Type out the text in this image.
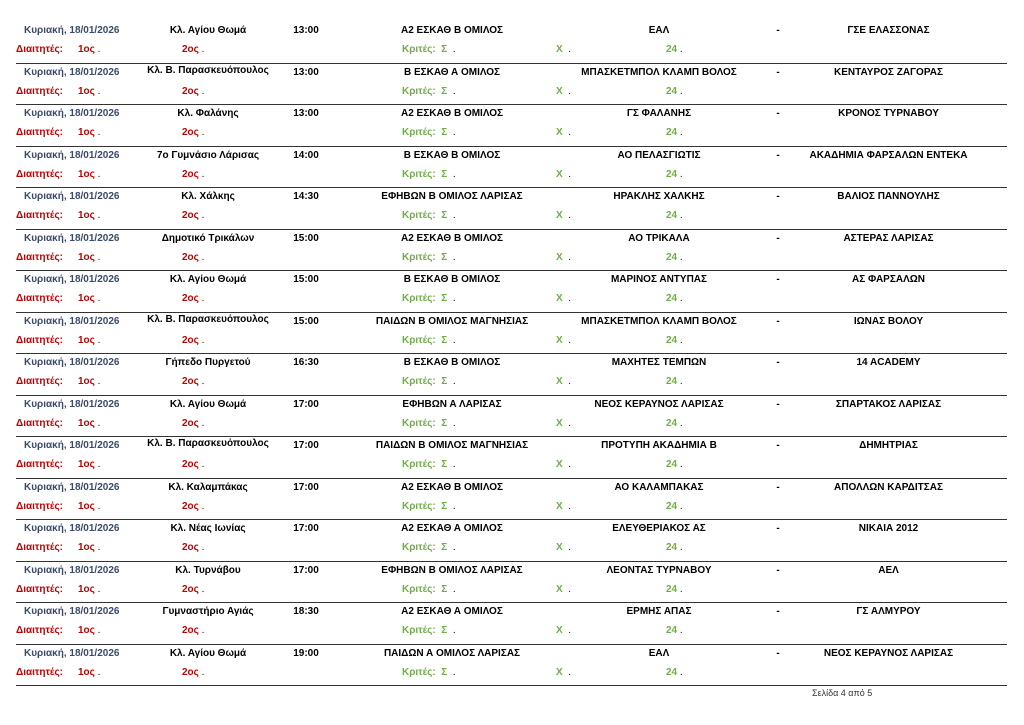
Κυριακή, 18/01/2026	Κλ. Αγίου Θωμά	13:00	Α2 ΕΣΚΑΘ Β ΟΜΙΛΟΣ	ΕΑΛ	-	ΓΣΕ ΕΛΑΣΣΟΝΑΣ
Διαιτητές: 1ος .	2ος .	Κριτές: Σ .	Χ .	24 .
Κυριακή, 18/01/2026	Κλ. Β. Παρασκευόπουλος	13:00	Β ΕΣΚΑΘ Α ΟΜΙΛΟΣ	ΜΠΑΣΚΕΤΜΠΟΛ ΚΛΑΜΠ ΒΟΛΟΣ	-	ΚΕΝΤΑΥΡΟΣ ΖΑΓΟΡΑΣ
Διαιτητές: 1ος .	2ος .	Κριτές: Σ .	Χ .	24 .
Κυριακή, 18/01/2026	Κλ. Φαλάνης	13:00	Α2 ΕΣΚΑΘ Β ΟΜΙΛΟΣ	ΓΣ ΦΑΛΑΝΗΣ	-	ΚΡΟΝΟΣ ΤΥΡΝΑΒΟΥ
Διαιτητές: 1ος .	2ος .	Κριτές: Σ .	Χ .	24 .
Κυριακή, 18/01/2026	7ο Γυμνάσιο Λάρισας	14:00	Β ΕΣΚΑΘ Β ΟΜΙΛΟΣ	ΑΟ ΠΕΛΑΣΓΙΩΤΙΣ	-	ΑΚΑΔΗΜΙΑ ΦΑΡΣΑΛΩΝ ΕΝΤΕΚΑ
Διαιτητές: 1ος .	2ος .	Κριτές: Σ .	Χ .	24 .
Κυριακή, 18/01/2026	Κλ. Χάλκης	14:30	ΕΦΗΒΩΝ Β ΟΜΙΛΟΣ ΛΑΡΙΣΑΣ	ΗΡΑΚΛΗΣ ΧΑΛΚΗΣ	-	ΒΑΛΙΟΣ ΠΑΝΝΟΥΛΗΣ
Διαιτητές: 1ος .	2ος .	Κριτές: Σ .	Χ .	24 .
Κυριακή, 18/01/2026	Δημοτικό Τρικάλων	15:00	Α2 ΕΣΚΑΘ Β ΟΜΙΛΟΣ	ΑΟ ΤΡΙΚΑΛΑ	-	ΑΣΤΕΡΑΣ ΛΑΡΙΣΑΣ
Διαιτητές: 1ος .	2ος .	Κριτές: Σ .	Χ .	24 .
Κυριακή, 18/01/2026	Κλ. Αγίου Θωμά	15:00	Β ΕΣΚΑΘ Β ΟΜΙΛΟΣ	ΜΑΡΙΝΟΣ ΑΝΤΥΠΑΣ	-	ΑΣ ΦΑΡΣΑΛΩΝ
Διαιτητές: 1ος .	2ος .	Κριτές: Σ .	Χ .	24 .
Κυριακή, 18/01/2026	Κλ. Β. Παρασκευόπουλος	15:00	ΠΑΙΔΩΝ Β ΟΜΙΛΟΣ ΜΑΓΝΗΣΙΑΣ	ΜΠΑΣΚΕΤΜΠΟΛ ΚΛΑΜΠ ΒΟΛΟΣ	-	ΙΩΝΑΣ ΒΟΛΟΥ
Διαιτητές: 1ος .	2ος .	Κριτές: Σ .	Χ .	24 .
Κυριακή, 18/01/2026	Γήπεδο Πυργετού	16:30	Β ΕΣΚΑΘ Β ΟΜΙΛΟΣ	ΜΑΧΗΤΕΣ ΤΕΜΠΩΝ	-	14 ACADEMY
Διαιτητές: 1ος .	2ος .	Κριτές: Σ .	Χ .	24 .
Κυριακή, 18/01/2026	Κλ. Αγίου Θωμά	17:00	ΕΦΗΒΩΝ Α ΛΑΡΙΣΑΣ	ΝΕΟΣ ΚΕΡΑΥΝΟΣ ΛΑΡΙΣΑΣ	-	ΣΠΑΡΤΑΚΟΣ ΛΑΡΙΣΑΣ
Διαιτητές: 1ος .	2ος .	Κριτές: Σ .	Χ .	24 .
Κυριακή, 18/01/2026	Κλ. Β. Παρασκευόπουλος	17:00	ΠΑΙΔΩΝ Β ΟΜΙΛΟΣ ΜΑΓΝΗΣΙΑΣ	ΠΡΟΤΥΠΗ ΑΚΑΔΗΜΙΑ Β	-	ΔΗΜΗΤΡΙΑΣ
Διαιτητές: 1ος .	2ος .	Κριτές: Σ .	Χ .	24 .
Κυριακή, 18/01/2026	Κλ. Καλαμπάκας	17:00	Α2 ΕΣΚΑΘ Β ΟΜΙΛΟΣ	ΑΟ ΚΑΛΑΜΠΑΚΑΣ	-	ΑΠΟΛΛΩΝ ΚΑΡΔΙΤΣΑΣ
Διαιτητές: 1ος .	2ος .	Κριτές: Σ .	Χ .	24 .
Κυριακή, 18/01/2026	Κλ. Νέας Ιωνίας	17:00	Α2 ΕΣΚΑΘ Α ΟΜΙΛΟΣ	ΕΛΕΥΘΕΡΙΑΚΟΣ ΑΣ	-	ΝΙΚΑΙΑ 2012
Διαιτητές: 1ος .	2ος .	Κριτές: Σ .	Χ .	24 .
Κυριακή, 18/01/2026	Κλ. Τυρνάβου	17:00	ΕΦΗΒΩΝ Β ΟΜΙΛΟΣ ΛΑΡΙΣΑΣ	ΛΕΟΝΤΑΣ ΤΥΡΝΑΒΟΥ	-	ΑΕΛ
Διαιτητές: 1ος .	2ος .	Κριτές: Σ .	Χ .	24 .
Κυριακή, 18/01/2026	Γυμναστήριο Αγιάς	18:30	Α2 ΕΣΚΑΘ Α ΟΜΙΛΟΣ	ΕΡΜΗΣ ΑΠΑΣ	-	ΓΣ ΑΛΜΥΡΟΥ
Διαιτητές: 1ος .	2ος .	Κριτές: Σ .	Χ .	24 .
Κυριακή, 18/01/2026	Κλ. Αγίου Θωμά	19:00	ΠΑΙΔΩΝ Α ΟΜΙΛΟΣ ΛΑΡΙΣΑΣ	ΕΑΛ	-	ΝΕΟΣ ΚΕΡΑΥΝΟΣ ΛΑΡΙΣΑΣ
Διαιτητές: 1ος .	2ος .	Κριτές: Σ .	Χ .	24 .
Σελίδα 4 από 5
